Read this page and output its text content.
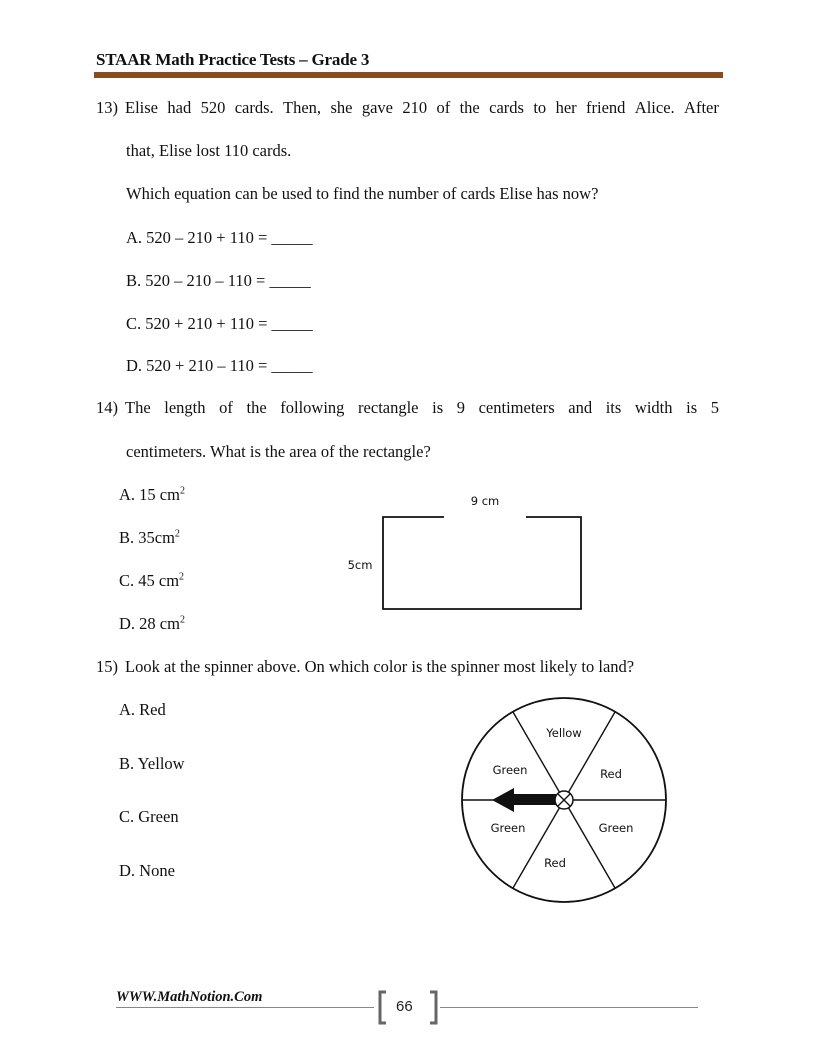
STAAR Math Practice Tests – Grade 3
13) Elise had 520 cards. Then, she gave 210 of the cards to her friend Alice. After
that, Elise lost 110 cards.
Which equation can be used to find the number of cards Elise has now?
A. 520 – 210 + 110 = _____
B. 520 – 210 – 110 = _____
C. 520 + 210 + 110 = _____
D. 520 + 210 – 110 = _____
14) The length of the following rectangle is 9 centimeters and its width is 5
centimeters. What is the area of the rectangle?
A. 15 $cm^2$
B. $35cm^2$
C. 45 $cm^2$
D. 28 $cm^2$
9 cm
5cm
15) Look at the spinner above. On which color is the spinner most likely to land?
A. Red
B. Yellow
C. Green
D. None
Yellow
Red
Green
Red
Green	Green
WWW.MathNotion.Com
66
